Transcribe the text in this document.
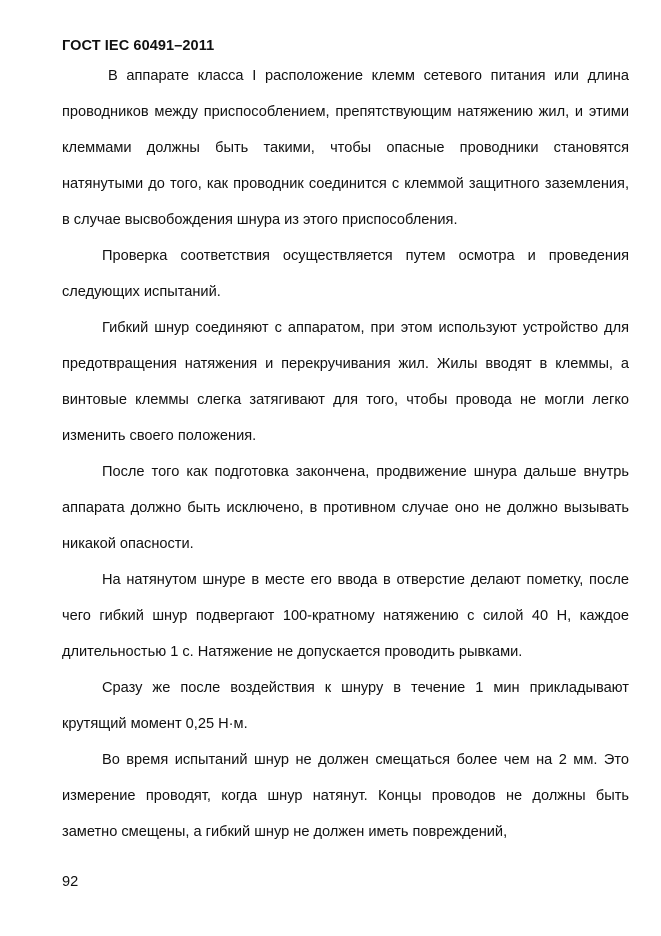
ГОСТ IEC 60491–2011

В аппарате класса I расположение клемм сетевого питания или длина проводников между приспособлением, препятствующим натяжению жил, и этими клеммами должны быть такими, чтобы опасные проводники становятся натянутыми до того, как проводник соединится с клеммой защитного заземления, в случае высвобождения шнура из этого приспособления.

Проверка соответствия осуществляется путем осмотра и проведения следующих испытаний.

Гибкий шнур соединяют с аппаратом, при этом используют устройство для предотвращения натяжения и перекручивания жил. Жилы вводят в клеммы, а винтовые клеммы слегка затягивают для того, чтобы провода не могли легко изменить своего положения.

После того как подготовка закончена, продвижение шнура дальше внутрь аппарата должно быть исключено, в противном случае оно не должно вызывать никакой опасности.

На натянутом шнуре в месте его ввода в отверстие делают пометку, после чего гибкий шнур подвергают 100-кратному натяжению с силой 40 Н, каждое длительностью 1 с. Натяжение не допускается проводить рывками.

Сразу же после воздействия к шнуру в течение 1 мин прикладывают крутящий момент 0,25 Н·м.

Во время испытаний шнур не должен смещаться более чем на 2 мм. Это измерение проводят, когда шнур натянут. Концы проводов не должны быть заметно смещены, а гибкий шнур не должен иметь повреждений,

92
